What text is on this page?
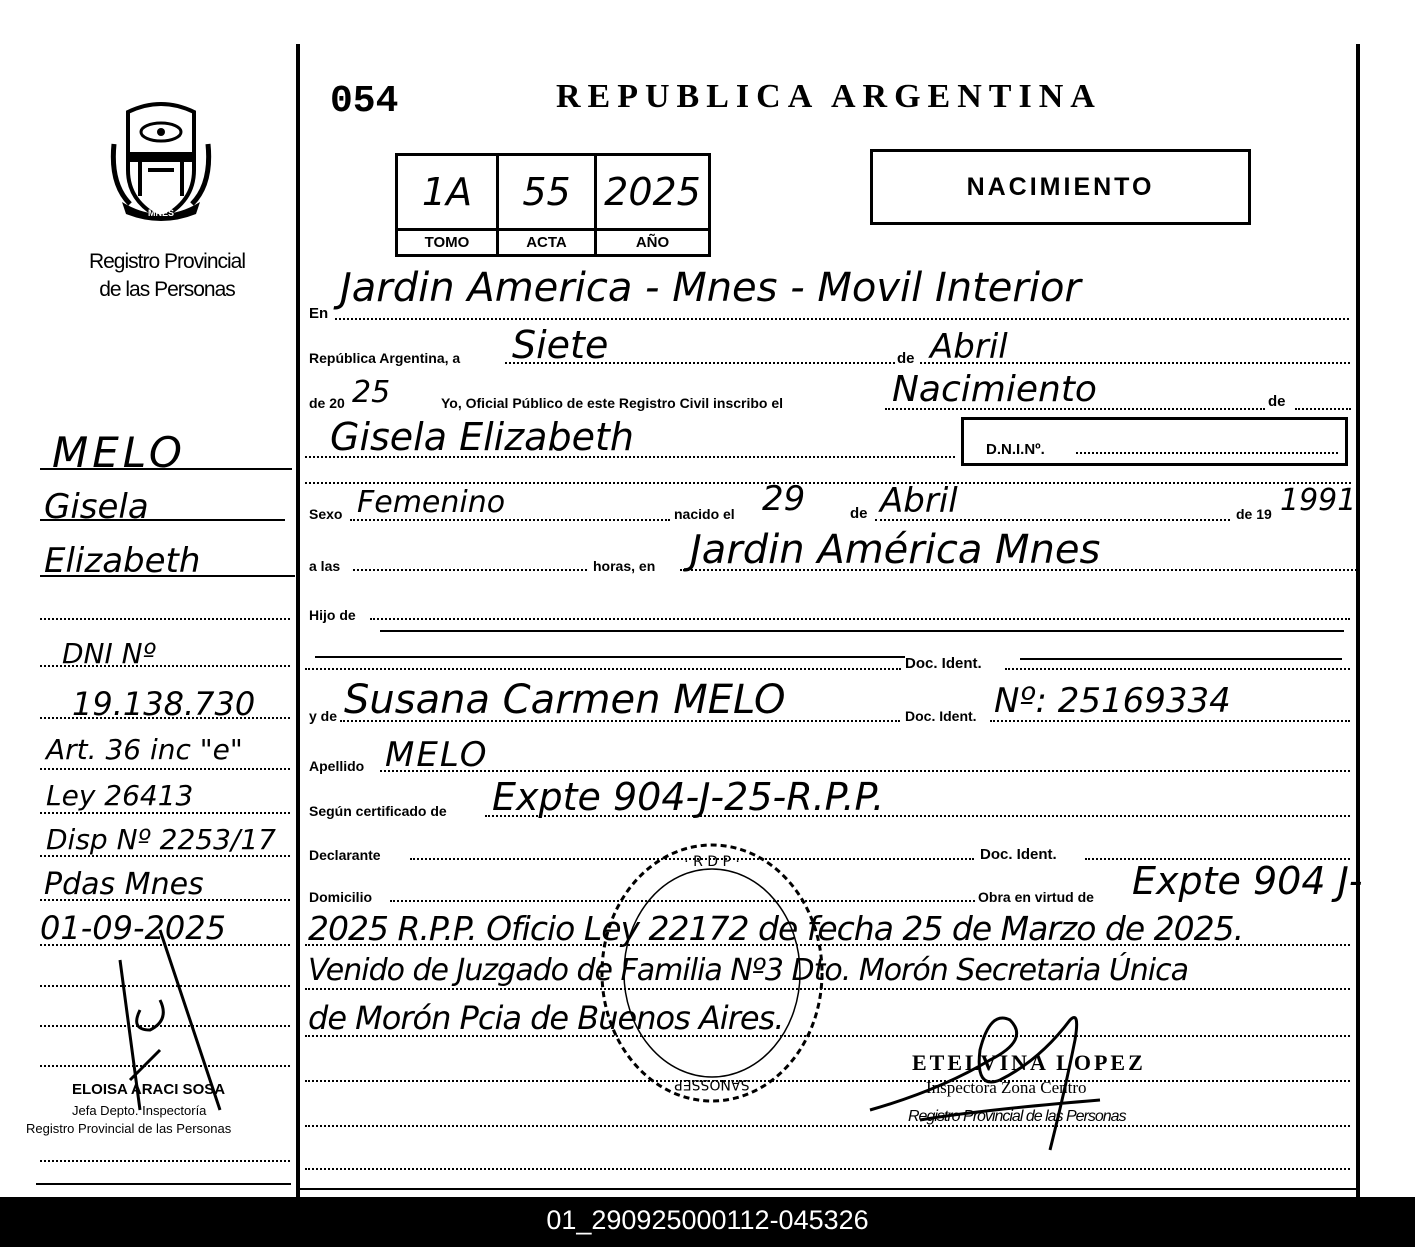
054	REPUBLICA ARGENTINA
1A	55 2025
TOMO	ACTA	AÑO
NACIMIENTO
MNES
Registro Provincial
de las Personas
MELO
Gisela
Elizabeth
DNI Nº
19.138.730
Art. 36 inc "e"
Ley 26413
Disp Nº 2253/17
Pdas Mnes
01-09-2025
ELOISA ARACI SOSA
Jefa Depto. Inspectoría
Registro Provincial de las Personas
En
Jardin America - Mnes - Movil Interior
República Argentina, a Siete	de Abril
de 20 25	Yo, Oficial Público de este Registro Civil inscribo el	Nacimiento	de
Gisela Elizabeth	D.N.I.Nº.
Sexo Femenino	nacido el 29	de Abril	de 19 1991
a las	horas, en Jardin América Mnes
Hijo de
Doc. Ident.
y de Susana Carmen MELO	Doc. Ident. Nº: 25169334
Apellido MELO
Según certificado de Expte 904-J-25-R.P.P.
Declarante	Doc. Ident.
Domicilio	Obra en virtud de Expte 904 J-
2025 R.P.P. Oficio Ley 22172 de fecha 25 de Marzo de 2025.
Venido de Juzgado de Familia Nº3 Dto. Morón Secretaria Única
de Morón Pcia de Buenos Aires.
· R D P ·
SANOSSEP
ETELVINA LOPEZ
Inspectora Zona Centro
Registro Provincial de las Personas
01_290925000112-045326
